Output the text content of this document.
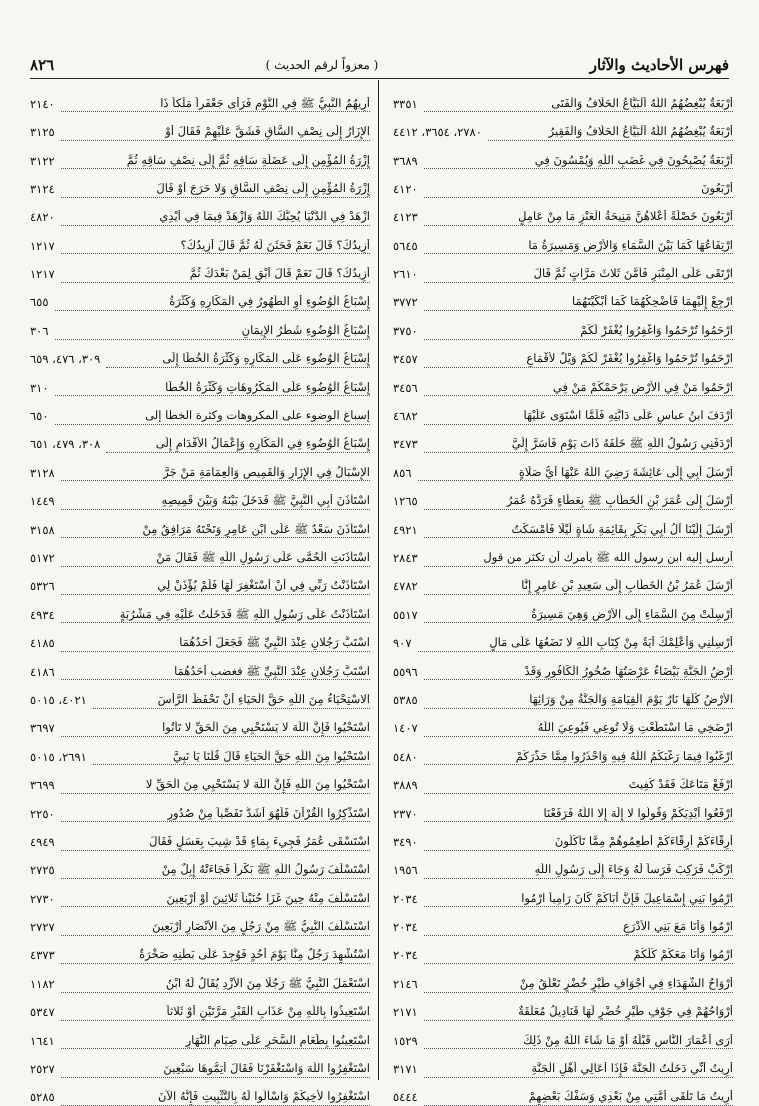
فهرس الأحاديث والآثار
( معزواً لرقم الحديث )
٨٢٦
أَرْبَعَةٌ يُبْغِضُهُمُ اللَّهُ اَلْبَيَّاعُ الحَلَّافُ وَالْفَتَى
٣٣٥١
أَرْبَعَةٌ يُبْغِضُهُمُ اللَّهُ اَلْبَيَّاعُ الحَلَّافُ وَالْفَقِيرُ
٢٧٨٠، ٣٦٥٤، ٤٤١٢
أَرْبَعَةٌ يُصْبِحُونَ فِي غَضَبِ اللَّهِ وَيُمْسُونَ فِي
٣٦٨٩
أَرْبَعُونَ
٤١٢٠
أَرْبَعُونَ خَصْلَةً أَعْلاهُنَّ مَنِيحَةُ الْعَنْزِ مَا مِنْ عَامِلٍ
٤١٢٣
ارْتِفَاعُهَا كَمَا بَيْنَ السَّمَاءِ وَالأَرْضِ وَمَسِيرَةُ مَا
٥٦٤٥
ارْتَقَى عَلَى الْمِنْبَرِ فَأَمَّنَ ثَلاثَ مَرَّاتٍ ثُمَّ قَالَ
٢٦١٠
ارْجِعْ إِلَيْهِمَا فَأَضْحِكْهُمَا كَمَا أَبْكَيْتَهُمَا
٣٧٧٢
ارْحَمُوا تُرْحَمُوا وَاغْفِرُوا يُغْفَرْ لَكُمْ
٣٧٥٠
ارْحَمُوا تُرْحَمُوا وَاغْفِرُوا يُغْفَرْ لَكُمْ وَيْلٌ لأَقْمَاعِ
٣٤٥٧
ارْحَمُوا مَنْ فِي الأَرْضِ يَرْحَمْكُمْ مَنْ فِي
٣٤٥٦
أَرْدَفَ ابنُ عباسٍ عَلَى دَابَّتِهِ فَلَمَّا اسْتَوَى عَلَيْهَا
٤٦٨٢
أَرْدَفَنِي رَسُولُ اللَّهِ ﷺ خَلْفَهُ ذَاتَ يَوْمٍ فَأَسَرَّ إِلَيَّ
٣٤٧٣
أَرْسَلَ أَبِي إِلَى عَائِشَةَ رَضِيَ اللَّهُ عَنْهَا أَيُّ صَلَاةٍ
٨٥٦
أَرْسَلَ إِلَى عُمَرَ بْنِ الْخَطَّابِ ﷺ بِعَطَاءٍ فَرَدَّهُ عُمَرُ
١٢٦٥
أَرْسَلَ إِلَيْنَا آلُ أَبِي بَكْرٍ بِقَائِمَةِ شَاةٍ لَيْلًا فَأَمْسَكْتُ
٤٩٢١
أرسل إليه ابن رسول الله ﷺ يأمرك أن تكثر من قول
٢٨٤٣
أَرْسَلَ عُمَرُ بْنُ الْخَطَّابِ إِلَى سَعِيدِ بْنِ عَامِرٍ إِنَّا
٤٧٨٢
أُرْسِلَتْ مِنَ السَّمَاءِ إِلَى الأَرْضِ وَهِيَ مَسِيرَةُ
٥٥١٧
أَرْسِلْنِي وَأَعْلِمْكَ آيَةً مِنْ كِتَابِ اللَّهِ لا تَضَعُهَا عَلَى مَالٍ
٩٠٧
أَرْضُ الْجَنَّةِ بَيْضَاءُ عَرْصَتُهَا صُخُورُ الْكَافُورِ وَقَدْ
٥٥٩٦
الأَرْضُ كُلُّهَا نَارٌ يَوْمَ الْقِيَامَةِ وَالْجَنَّةُ مِنْ وَرَائِهَا
٥٣٨٥
ارْضَخِي مَا اسْتَطَعْتِ وَلَا تُوعِي فَيُوعِيَ اللَّهُ
١٤٠٧
ارْغَبُوا فِيمَا رَغَّبَكُمُ اللَّهُ فِيهِ وَاحْذَرُوا مِمَّا حَذَّرَكُمْ
٥٤٨٠
ارْفَعْ مَتَاعَكَ فَقَدْ كُفِيتَ
٣٨٨٩
ارْفَعُوا أَيْدِيَكُمْ وَقُولُوا لا إِلَهَ إِلا اللَّهُ فَرَفَعْنَا
٢٣٧٠
أَرِقَّاءَكُمْ أَرِقَّاءَكُمْ أَطْعِمُوهُمْ مِمَّا تَأْكُلُونَ
٣٤٩٠
ارْكَبْ فَرَكِبَ فَرَساً لَهُ وَجَاءَ إِلَى رَسُولِ اللَّهِ
١٩٥٦
ارْمُوا بَنِي إِسْمَاعِيلَ فَإِنَّ أَبَاكُمْ كَانَ رَامِياً ارْمُوا
٢٠٣٤
ارْمُوا وَأَنَا مَعَ بَنِي الأَدْرَعِ
٢٠٣٤
ارْمُوا وَأَنَا مَعَكُمْ كُلِّكُمْ
٢٠٣٤
أَرْوَاحُ الشُّهَدَاءِ فِي أَجْوَافِ طَيْرٍ خُضْرٍ تَعْلُقُ مِنْ
٢١٤٦
أَرْوَاحُهُمْ فِي جَوْفِ طَيْرٍ خُضْرٍ لَهَا قَنَادِيلُ مُعَلَّقَةٌ
٢١٧١
أَرَى أَعْمَارَ النَّاسِ قَبْلَهُ أَوْ مَا شَاءَ اللَّهُ مِنْ ذَلِكَ
١٥٢٩
أُرِيتُ أَنِّي دَخَلْتُ الْجَنَّةَ فَإِذَا أَعَالِي أَهْلِ الْجَنَّةِ
٣١٧١
أُرِيتُ مَا تَلْقَى أُمَّتِي مِنْ بَعْدِي وَسَفْكَ بَعْضِهِمْ
٥٤٤٤
أُرِيهُمُ النَّبِيُّ ﷺ فِي النَّوْمِ فَرَأَى جَعْفَراً مَلَكاً ذَا
٢١٤٠
الإِزَارُ إِلَى نِصْفِ السَّاقِ فَشَقَّ عَلَيْهِمْ فَقَالَ أَوْ
٣١٢٥
إِزْرَةُ الْمُؤْمِنِ إِلَى عَضَلَةِ سَاقِهِ ثُمَّ إِلَى نِصْفِ سَاقِهِ ثُمَّ
٣١٢٢
إِزْرَةُ الْمُؤْمِنِ إِلَى نِصْفِ السَّاقِ وَلا حَرَجَ أَوْ قَالَ
٣١٢٤
ازْهَدْ فِي الدُّنْيَا يُحِبَّكَ اللَّهُ وَازْهَدْ فِيمَا فِي أَيْدِي
٤٨٢٠
أَزِيدُكَ؟ قَالَ نَعَمْ فَحَثَنَ لَهُ ثُمَّ قَالَ أَزِيدُكَ؟
١٢١٧
أَزِيدُكَ؟ قَالَ نَعَمْ قَالَ أَبْقِ لِمَنْ بَعْدَكَ ثُمَّ
١٢١٧
إِسْبَاغُ الْوُضُوءِ أَوِ الطُّهُورُ فِي الْمَكَارِهِ وَكَثْرَةُ
٦٥٥
إِسْبَاغُ الْوُضُوءِ شَطْرُ الإِيمَانِ
٣٠٦
إِسْبَاغُ الْوُضُوءِ عَلَى الْمَكَارِهِ وَكَثْرَةُ الْخُطَا إِلَى
٣٠٩، ٤٧٦، ٦٥٩
إِسْبَاغُ الْوُضُوءِ عَلَى الْمَكْرُوهَاتِ وَكَثْرَةُ الْخُطَا
٣١٠
إسباغ الوضوء على المكروهات وكثرة الخطا إلى
٦٥٠
إِسْبَاغُ الْوُضُوءِ فِي الْمَكَارِهِ وَإِعْمَالُ الأَقْدَامِ إِلَى
٣٠٨، ٤٧٩، ٦٥١
الإِسْبَالُ فِي الإِزَارِ وَالْقَمِيصِ وَالْعِمَامَةِ مَنْ جَرَّ
٣١٢٨
اسْتَأْذَنَ أَبِي النَّبِيَّ ﷺ فَدَخَلَ بَيْنَهُ وَبَيْنَ قَمِيصِهِ
١٤٤٩
اسْتَأْذَنَ سَعْدٌ ﷺ عَلَى ابْنِ عَامِرٍ وَتَحْتَهُ مَرَافِقُ مِنْ
٣١٥٨
اسْتَأْذَنَتِ الْحُمَّى عَلَى رَسُولِ اللَّهِ ﷺ فَقَالَ مَنْ
٥١٧٢
اسْتَأْذَنْتُ رَبِّي فِي أَنْ أَسْتَغْفِرَ لَهَا فَلَمْ يُؤْذَنْ لِي
٥٣٢٦
اسْتَأْذَنْتُ عَلَى رَسُولِ اللَّهِ ﷺ فَدَخَلْتُ عَلَيْهِ فِي مَشْرُبَةٍ
٤٩٣٤
اسْتَبَّ رَجُلانِ عِنْدَ النَّبِيِّ ﷺ فَجَعَلَ أَحَدُهُمَا
٤١٨٥
اسْتَبَّ رَجُلانِ عِنْدَ النَّبِيِّ ﷺ فغضب أَحَدُهُمَا
٤١٨٦
الاسْتِحْيَاءُ مِنَ اللَّهِ حَقَّ الْحَيَاءِ أَنْ تَحْفَظَ الرَّأْسَ
٤٠٢١، ٥٠١٥
اسْتَحْيُوا فَإِنَّ اللَّهَ لا يَسْتَحْيِي مِنَ الْحَقِّ لا تَأْتُوا
٣٦٩٧
اسْتَحْيُوا مِنَ اللَّهِ حَقَّ الْحَيَاءِ قَالَ قُلْنَا يَا نَبِيَّ
٢٦٩١، ٥٠١٥
اسْتَحْيُوا مِنَ اللَّهِ فَإِنَّ اللَّهَ لا يَسْتَحْيِي مِنَ الْحَقِّ لا
٣٦٩٩
اسْتَذْكِرُوا الْقُرْآنَ فَلَهُوَ أَشَدُّ تَفَصِّياً مِنْ صُدُورِ
٢٢٥٠
اسْتَسْقَى عُمَرُ فَجِيءَ بِمَاءٍ قَدْ شِيبَ بِعَسَلٍ فَقَالَ
٤٩٤٩
اسْتَسْلَفَ رَسُولُ اللَّهِ ﷺ بَكْراً فَجَاءَتْهُ إِبِلٌ مِنْ
٢٧٢٥
اسْتَسْلَفَ مِنْهُ حِينَ غَزَا حُنَيْناً ثَلاثِينَ أَوْ أَرْبَعِينَ
٢٧٣٠
اسْتَسْلَفَ النَّبِيُّ ﷺ مِنْ رَجُلٍ مِنَ الأَنْصَارِ أَرْبَعِينَ
٢٧٢٧
اسْتُشْهِدَ رَجُلٌ مِنَّا يَوْمَ أُحُدٍ فَوُجِدَ عَلَى بَطْنِهِ صَخْرَةٌ
٤٣٧٣
اسْتَعْمَلَ النَّبِيُّ ﷺ رَجُلًا مِنَ الأَزْدِ يُقَالُ لَهُ ابْنُ
١١٨٢
اسْتَعِيذُوا بِاللَّهِ مِنْ عَذَابِ الْقَبْرِ مَرَّتَيْنِ أَوْ ثَلاثاً
٥٣٤٧
اسْتَعِينُوا بِطَعَامِ السَّحَرِ عَلَى صِيَامِ النَّهَارِ
١٦٤١
اسْتَغْفِرُوا اللَّهَ وَاسْتَغْفَرْنَا فَقَالَ أَتِمُّوهَا سَبْعِينَ
٢٥٢٧
اسْتَغْفِرُوا لأَخِيكُمْ وَاسْأَلُوا لَهُ بِالتَّثْبِيتِ فَإِنَّهُ الآنَ
٥٢٨٥
